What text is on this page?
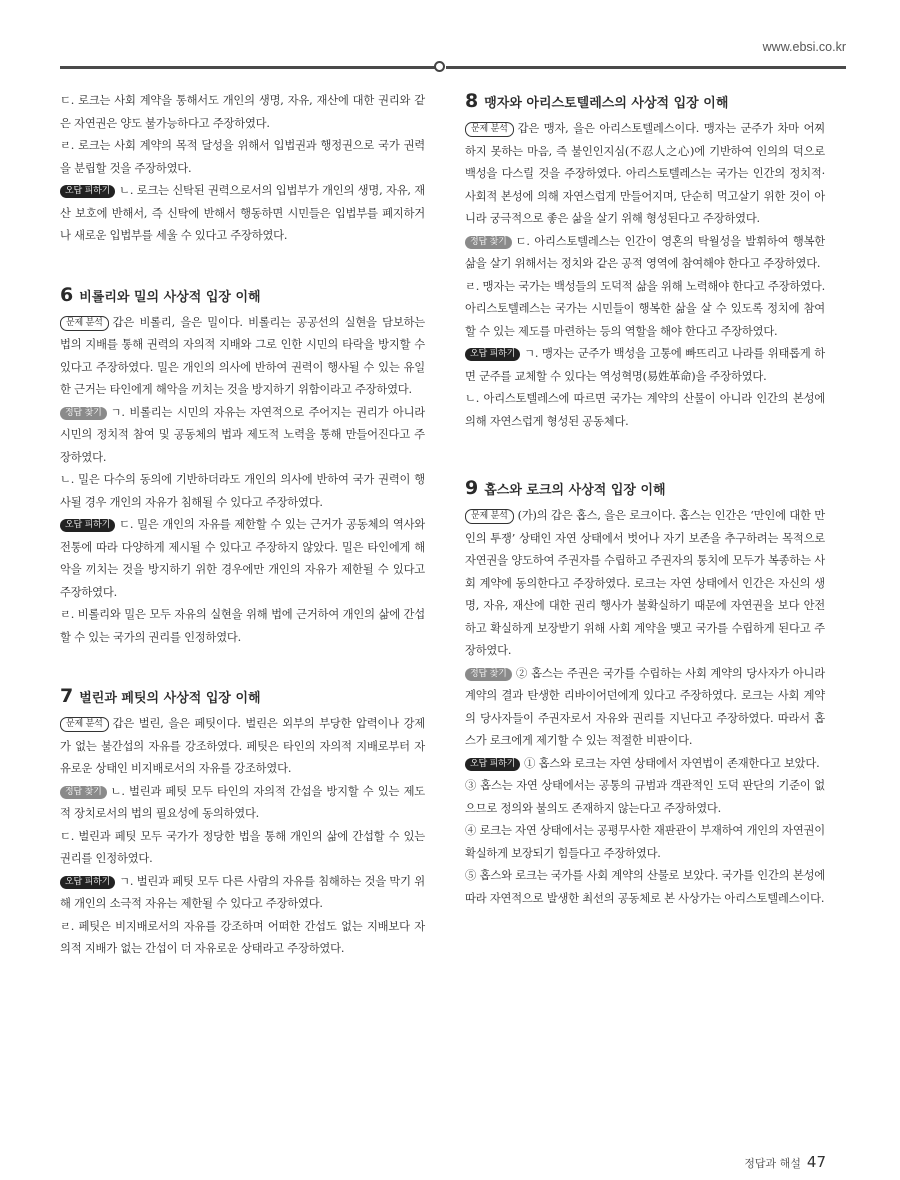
www.ebsi.co.kr

ㄷ. 로크는 사회 계약을 통해서도 개인의 생명, 자유, 재산에 대한 권리와 같은 자연권은 양도 불가능하다고 주장하였다.

ㄹ. 로크는 사회 계약의 목적 달성을 위해서 입법권과 행정권으로 국가 권력을 분립할 것을 주장하였다.

오답 피하기 ㄴ. 로크는 신탁된 권력으로서의 입법부가 개인의 생명, 자유, 재산 보호에 반해서, 즉 신탁에 반해서 행동하면 시민들은 입법부를 폐지하거나 새로운 입법부를 세울 수 있다고 주장하였다.

6 비롤리와 밀의 사상적 입장 이해

문제 분석 갑은 비롤리, 을은 밀이다. 비롤리는 공공선의 실현을 담보하는 법의 지배를 통해 권력의 자의적 지배와 그로 인한 시민의 타락을 방지할 수 있다고 주장하였다. 밀은 개인의 의사에 반하여 권력이 행사될 수 있는 유일한 근거는 타인에게 해악을 끼치는 것을 방지하기 위함이라고 주장하였다.

정답 찾기 ㄱ. 비롤리는 시민의 자유는 자연적으로 주어지는 권리가 아니라 시민의 정치적 참여 및 공동체의 법과 제도적 노력을 통해 만들어진다고 주장하였다.

ㄴ. 밀은 다수의 동의에 기반하더라도 개인의 의사에 반하여 국가 권력이 행사될 경우 개인의 자유가 침해될 수 있다고 주장하였다.

오답 피하기 ㄷ. 밀은 개인의 자유를 제한할 수 있는 근거가 공동체의 역사와 전통에 따라 다양하게 제시될 수 있다고 주장하지 않았다. 밀은 타인에게 해악을 끼치는 것을 방지하기 위한 경우에만 개인의 자유가 제한될 수 있다고 주장하였다.

ㄹ. 비롤리와 밀은 모두 자유의 실현을 위해 법에 근거하여 개인의 삶에 간섭할 수 있는 국가의 권리를 인정하였다.

7 벌린과 페팃의 사상적 입장 이해

문제 분석 갑은 벌린, 을은 페팃이다. 벌린은 외부의 부당한 압력이나 강제가 없는 불간섭의 자유를 강조하였다. 페팃은 타인의 자의적 지배로부터 자유로운 상태인 비지배로서의 자유를 강조하였다.

정답 찾기 ㄴ. 벌린과 페팃 모두 타인의 자의적 간섭을 방지할 수 있는 제도적 장치로서의 법의 필요성에 동의하였다.

ㄷ. 벌린과 페팃 모두 국가가 정당한 법을 통해 개인의 삶에 간섭할 수 있는 권리를 인정하였다.

오답 피하기 ㄱ. 벌린과 페팃 모두 다른 사람의 자유를 침해하는 것을 막기 위해 개인의 소극적 자유는 제한될 수 있다고 주장하였다.

ㄹ. 페팃은 비지배로서의 자유를 강조하며 어떠한 간섭도 없는 지배보다 자의적 지배가 없는 간섭이 더 자유로운 상태라고 주장하였다.

8 맹자와 아리스토텔레스의 사상적 입장 이해

문제 분석 갑은 맹자, 을은 아리스토텔레스이다. 맹자는 군주가 차마 어찌하지 못하는 마음, 즉 불인인지심(不忍人之心)에 기반하여 인의의 덕으로 백성을 다스릴 것을 주장하였다. 아리스토텔레스는 국가는 인간의 정치적·사회적 본성에 의해 자연스럽게 만들어지며, 단순히 먹고살기 위한 것이 아니라 궁극적으로 좋은 삶을 살기 위해 형성된다고 주장하였다.

정답 찾기 ㄷ. 아리스토텔레스는 인간이 영혼의 탁월성을 발휘하여 행복한 삶을 살기 위해서는 정치와 같은 공적 영역에 참여해야 한다고 주장하였다.

ㄹ. 맹자는 국가는 백성들의 도덕적 삶을 위해 노력해야 한다고 주장하였다. 아리스토텔레스는 국가는 시민들이 행복한 삶을 살 수 있도록 정치에 참여할 수 있는 제도를 마련하는 등의 역할을 해야 한다고 주장하였다.

오답 피하기 ㄱ. 맹자는 군주가 백성을 고통에 빠뜨리고 나라를 위태롭게 하면 군주를 교체할 수 있다는 역성혁명(易姓革命)을 주장하였다.

ㄴ. 아리스토텔레스에 따르면 국가는 계약의 산물이 아니라 인간의 본성에 의해 자연스럽게 형성된 공동체다.

9 홉스와 로크의 사상적 입장 이해

문제 분석 (가)의 갑은 홉스, 을은 로크이다. 홉스는 인간은 ‘만인에 대한 만인의 투쟁’ 상태인 자연 상태에서 벗어나 자기 보존을 추구하려는 목적으로 자연권을 양도하여 주권자를 수립하고 주권자의 통치에 모두가 복종하는 사회 계약에 동의한다고 주장하였다. 로크는 자연 상태에서 인간은 자신의 생명, 자유, 재산에 대한 권리 행사가 불확실하기 때문에 자연권을 보다 안전하고 확실하게 보장받기 위해 사회 계약을 맺고 국가를 수립하게 된다고 주장하였다.

정답 찾기 ② 홉스는 주권은 국가를 수립하는 사회 계약의 당사자가 아니라 계약의 결과 탄생한 리바이어던에게 있다고 주장하였다. 로크는 사회 계약의 당사자들이 주권자로서 자유와 권리를 지닌다고 주장하였다. 따라서 홉스가 로크에게 제기할 수 있는 적절한 비판이다.

오답 피하기 ① 홉스와 로크는 자연 상태에서 자연법이 존재한다고 보았다.

③ 홉스는 자연 상태에서는 공통의 규범과 객관적인 도덕 판단의 기준이 없으므로 정의와 불의도 존재하지 않는다고 주장하였다.

④ 로크는 자연 상태에서는 공평무사한 재판관이 부재하여 개인의 자연권이 확실하게 보장되기 힘들다고 주장하였다.

⑤ 홉스와 로크는 국가를 사회 계약의 산물로 보았다. 국가를 인간의 본성에 따라 자연적으로 발생한 최선의 공동체로 본 사상가는 아리스토텔레스이다.

정답과 해설 47
